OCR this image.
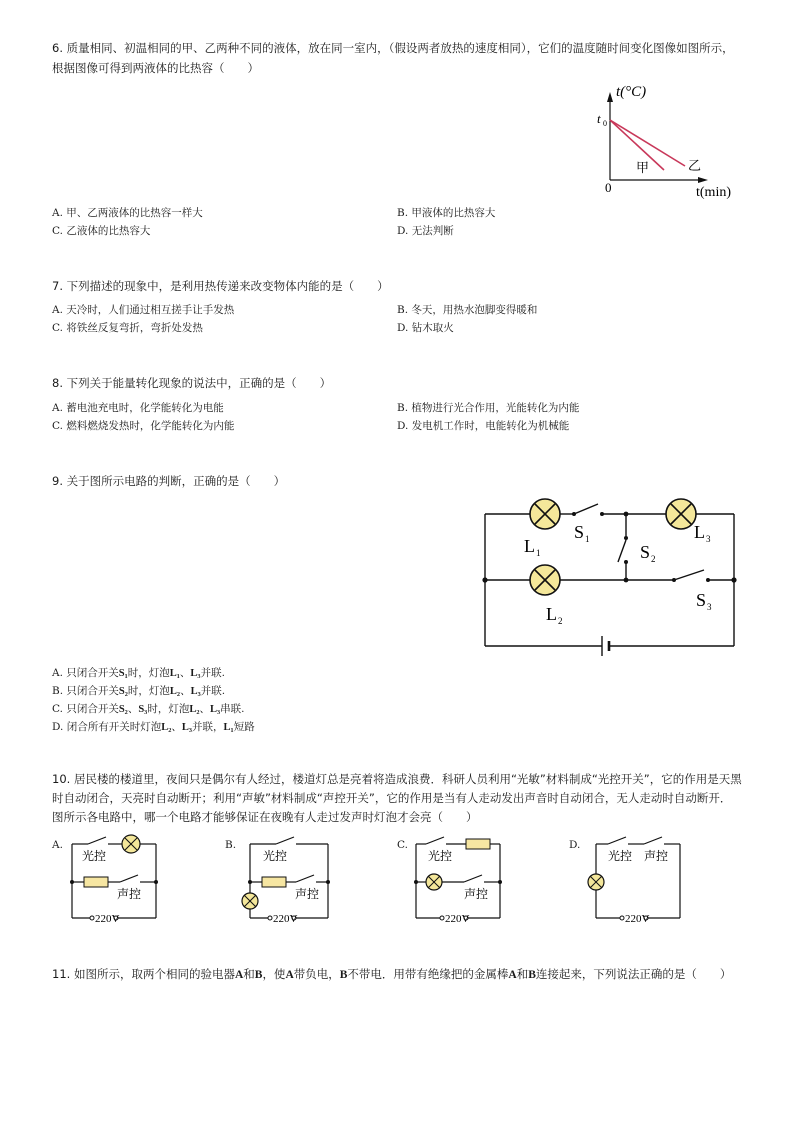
6. 质量相同、初温相同的甲、乙两种不同的液体，放在同一室内，（假设两者放热的速度相同），它们的温度随时间变化图像如图所示，根据图像可得到两液体的比热容（　　）
t(°C)
t 0
0	t(min)
甲	乙
A. 甲、乙两液体的比热容一样大	B. 甲液体的比热容大
C. 乙液体的比热容大	D. 无法判断
7. 下列描述的现象中，是利用热传递来改变物体内能的是（　　）
A. 天冷时，人们通过相互搓手让手发热	B. 冬天，用热水泡脚变得暖和
C. 将铁丝反复弯折，弯折处发热	D. 钻木取火
8. 下列关于能量转化现象的说法中，正确的是（　　）
A. 蓄电池充电时，化学能转化为电能	B. 植物进行光合作用，光能转化为内能
C. 燃料燃烧发热时，化学能转化为内能	D. 发电机工作时，电能转化为机械能
9. 关于图所示电路的判断，正确的是（　　）
L 1
S 1	L 3
S 2
L 2
S 3
A. 只闭合开关S₁时，灯泡L₁、L₃并联.
B. 只闭合开关S₂时，灯泡L₂、L₃并联.
C. 只闭合开关S₂、S₃时，灯泡L₂、L₃串联.
D. 闭合所有开关时灯泡L₂、L₃并联，L₁短路
10. 居民楼的楼道里，夜间只是偶尔有人经过，楼道灯总是亮着将造成浪费．科研人员利用“光敏”材料制成“光控开关”，它的作用是天黑时自动闭合，天亮时自动断开；利用“声敏”材料制成“声控开关”，它的作用是当有人走动发出声音时自动闭合，无人走动时自动断开．图所示各电路中，哪一个电路才能够保证在夜晚有人走过发声时灯泡才会亮（　　）
A.
光控
声控
220V
B.
光控
声控
220V
C.
光控
声控
220V
D.
光控 声控
220V
11. 如图所示，取两个相同的验电器A和B，使A带负电，B不带电．用带有绝缘把的金属棒A和B连接起来，下列说法正确的是（　　）
